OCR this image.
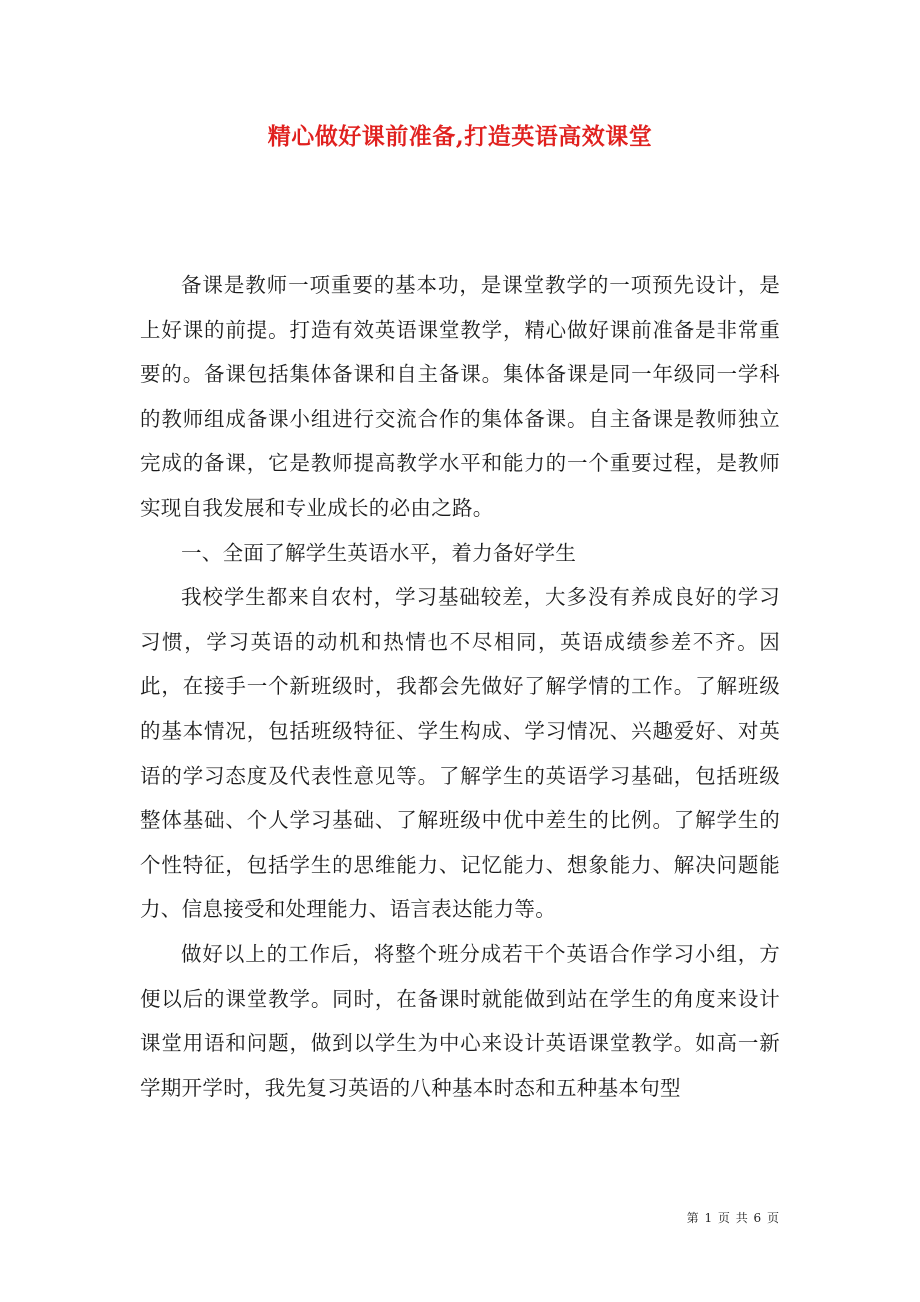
精心做好课前准备,打造英语高效课堂

备课是教师一项重要的基本功，是课堂教学的一项预先设计，是上好课的前提。打造有效英语课堂教学，精心做好课前准备是非常重要的。备课包括集体备课和自主备课。集体备课是同一年级同一学科的教师组成备课小组进行交流合作的集体备课。自主备课是教师独立完成的备课，它是教师提高教学水平和能力的一个重要过程，是教师实现自我发展和专业成长的必由之路。

一、全面了解学生英语水平，着力备好学生

我校学生都来自农村，学习基础较差，大多没有养成良好的学习习惯，学习英语的动机和热情也不尽相同，英语成绩参差不齐。因此，在接手一个新班级时，我都会先做好了解学情的工作。了解班级的基本情况，包括班级特征、学生构成、学习情况、兴趣爱好、对英语的学习态度及代表性意见等。了解学生的英语学习基础，包括班级整体基础、个人学习基础、了解班级中优中差生的比例。了解学生的个性特征，包括学生的思维能力、记忆能力、想象能力、解决问题能力、信息接受和处理能力、语言表达能力等。

做好以上的工作后，将整个班分成若干个英语合作学习小组，方便以后的课堂教学。同时，在备课时就能做到站在学生的角度来设计课堂用语和问题，做到以学生为中心来设计英语课堂教学。如高一新学期开学时，我先复习英语的八种基本时态和五种基本句型

第 1 页 共 6 页
